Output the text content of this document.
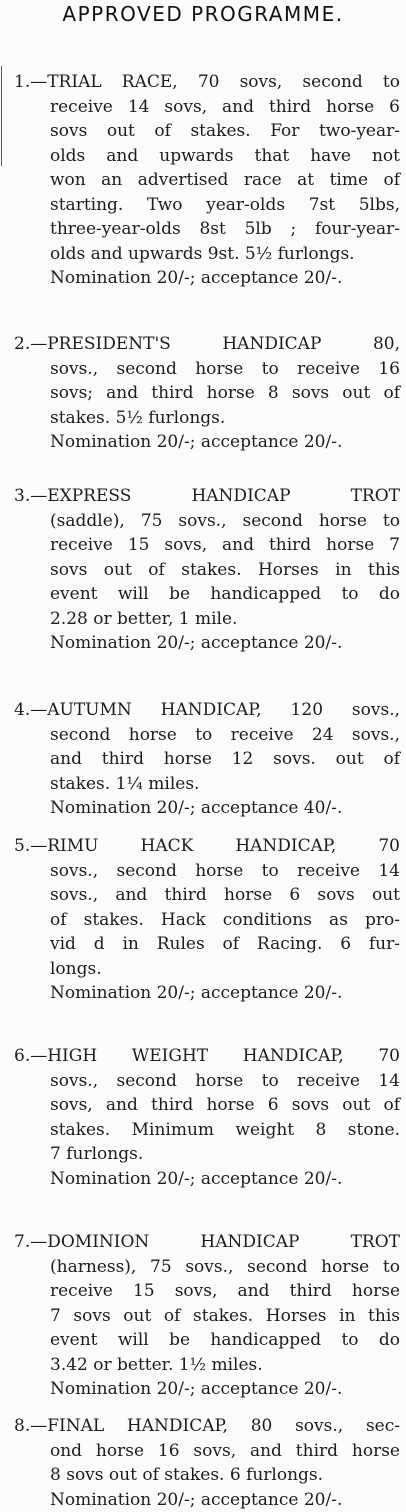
APPROVED PROGRAMME.
1.—TRIAL RACE, 70 sovs, second to
receive 14 sovs, and third horse 6
sovs out of stakes. For two-year-
olds and upwards that have not
won an advertised race at time of
starting. Two year-olds 7st 5lbs,
three-year-olds 8st 5lb ; four-year-
olds and upwards 9st. 5½ furlongs.
Nomination 20/-; acceptance 20/-.
2.—PRESIDENT'S HANDICAP 80,
sovs., second horse to receive 16
sovs; and third horse 8 sovs out of
stakes. 5½ furlongs.
Nomination 20/-; acceptance 20/-.
3.—EXPRESS HANDICAP TROT
(saddle), 75 sovs., second horse to
receive 15 sovs, and third horse 7
sovs out of stakes. Horses in this
event will be handicapped to do
2.28 or better, 1 mile.
Nomination 20/-; acceptance 20/-.
4.—AUTUMN HANDICAP, 120 sovs.,
second horse to receive 24 sovs.,
and third horse 12 sovs. out of
stakes. 1¼ miles.
Nomination 20/-; acceptance 40/-.
5.—RIMU HACK HANDICAP, 70
sovs., second horse to receive 14
sovs., and third horse 6 sovs out
of stakes. Hack conditions as pro-
vid d in Rules of Racing. 6 fur-
longs.
Nomination 20/-; acceptance 20/-.
6.—HIGH WEIGHT HANDICAP, 70
sovs., second horse to receive 14
sovs, and third horse 6 sovs out of
stakes. Minimum weight 8 stone.
7 furlongs.
Nomination 20/-; acceptance 20/-.
7.—DOMINION HANDICAP TROT
(harness), 75 sovs., second horse to
receive 15 sovs, and third horse
7 sovs out of stakes. Horses in this
event will be handicapped to do
3.42 or better. 1½ miles.
Nomination 20/-; acceptance 20/-.
8.—FINAL HANDICAP, 80 sovs., sec-
ond horse 16 sovs, and third horse
8 sovs out of stakes. 6 furlongs.
Nomination 20/-; acceptance 20/-.
